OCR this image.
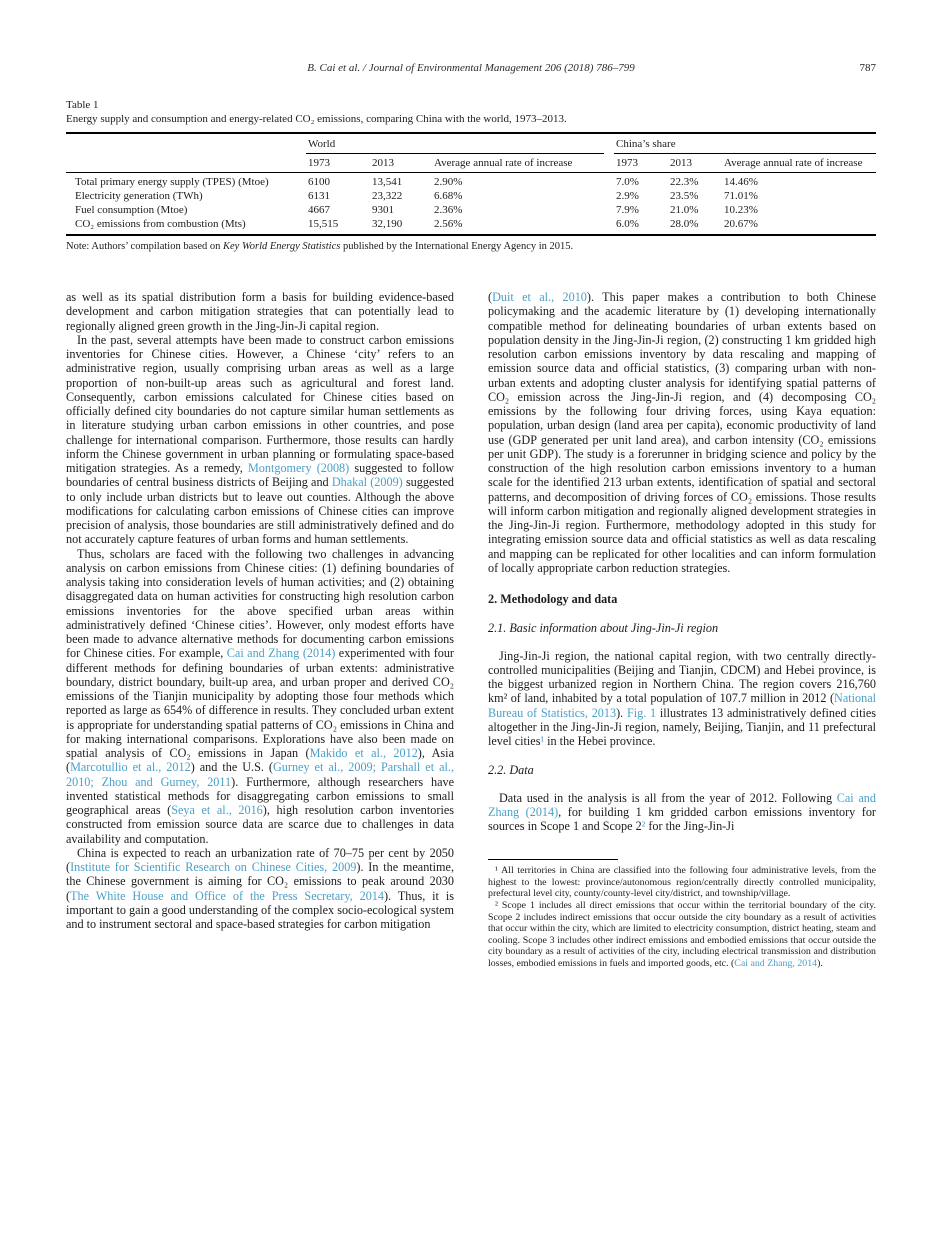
B. Cai et al. / Journal of Environmental Management 206 (2018) 786–799	787
Table 1
Energy supply and consumption and energy-related CO₂ emissions, comparing China with the world, 1973–2013.
	World				China’s share		
	1973	2013	Average annual rate of increase		1973	2013	Average annual rate of increase
Total primary energy supply (TPES) (Mtoe)	6100	13,541	2.90%		7.0%	22.3%	14.46%
Electricity generation (TWh)	6131	23,322	6.68%		2.9%	23.5%	71.01%
Fuel consumption (Mtoe)	4667	9301	2.36%		7.9%	21.0%	10.23%
CO₂ emissions from combustion (Mts)	15,515	32,190	2.56%		6.0%	28.0%	20.67%
Note: Authors’ compilation based on Key World Energy Statistics published by the International Energy Agency in 2015.

as well as its spatial distribution form a basis for building evidence-based development and carbon mitigation strategies that can potentially lead to regionally aligned green growth in the Jing-Jin-Ji capital region.

In the past, several attempts have been made to construct carbon emissions inventories for Chinese cities. However, a Chinese ‘city’ refers to an administrative region, usually comprising urban areas as well as a large proportion of non-built-up areas such as agricultural and forest land. Consequently, carbon emissions calculated for Chinese cities based on officially defined city boundaries do not capture similar human settlements as in literature studying urban carbon emissions in other countries, and pose challenge for international comparison. Furthermore, those results can hardly inform the Chinese government in urban planning or formulating space-based mitigation strategies. As a remedy, Montgomery (2008) suggested to follow boundaries of central business districts of Beijing and Dhakal (2009) suggested to only include urban districts but to leave out counties. Although the above modifications for calculating carbon emissions of Chinese cities can improve precision of analysis, those boundaries are still administratively defined and do not accurately capture features of urban forms and human settlements.

Thus, scholars are faced with the following two challenges in advancing analysis on carbon emissions from Chinese cities: (1) defining boundaries of analysis taking into consideration levels of human activities; and (2) obtaining disaggregated data on human activities for constructing high resolution carbon emissions inventories for the above specified urban areas within administratively defined ‘Chinese cities’. However, only modest efforts have been made to advance alternative methods for documenting carbon emissions for Chinese cities. For example, Cai and Zhang (2014) experimented with four different methods for defining boundaries of urban extents: administrative boundary, district boundary, built-up area, and urban proper and derived CO₂ emissions of the Tianjin municipality by adopting those four methods which reported as large as 654% of difference in results. They concluded urban extent is appropriate for understanding spatial patterns of CO₂ emissions in China and for making international comparisons. Explorations have also been made on spatial analysis of CO₂ emissions in Japan (Makido et al., 2012), Asia (Marcotullio et al., 2012) and the U.S. (Gurney et al., 2009; Parshall et al., 2010; Zhou and Gurney, 2011). Furthermore, although researchers have invented statistical methods for disaggregating carbon emissions to small geographical areas (Seya et al., 2016), high resolution carbon inventories constructed from emission source data are scarce due to challenges in data availability and computation.

China is expected to reach an urbanization rate of 70–75 per cent by 2050 (Institute for Scientific Research on Chinese Cities, 2009). In the meantime, the Chinese government is aiming for CO₂ emissions to peak around 2030 (The White House and Office of the Press Secretary, 2014). Thus, it is important to gain a good understanding of the complex socio-ecological system and to instrument sectoral and space-based strategies for carbon mitigation

(Duit et al., 2010). This paper makes a contribution to both Chinese policymaking and the academic literature by (1) developing internationally compatible method for delineating boundaries of urban extents based on population density in the Jing-Jin-Ji region, (2) constructing 1 km gridded high resolution carbon emissions inventory by data rescaling and mapping of emission source data and official statistics, (3) comparing urban with non-urban extents and adopting cluster analysis for identifying spatial patterns of CO₂ emission across the Jing-Jin-Ji region, and (4) decomposing CO₂ emissions by the following four driving forces, using Kaya equation: population, urban design (land area per capita), economic productivity of land use (GDP generated per unit land area), and carbon intensity (CO₂ emissions per unit GDP). The study is a forerunner in bridging science and policy by the construction of the high resolution carbon emissions inventory to a human scale for the identified 213 urban extents, identification of spatial and sectoral patterns, and decomposition of driving forces of CO₂ emissions. Those results will inform carbon mitigation and regionally aligned development strategies in the Jing-Jin-Ji region. Furthermore, methodology adopted in this study for integrating emission source data and official statistics as well as data rescaling and mapping can be replicated for other localities and can inform formulation of locally appropriate carbon reduction strategies.

2. Methodology and data
2.1. Basic information about Jing-Jin-Ji region

Jing-Jin-Ji region, the national capital region, with two centrally directly-controlled municipalities (Beijing and Tianjin, CDCM) and Hebei province, is the biggest urbanized region in Northern China. The region covers 216,760 km² of land, inhabited by a total population of 107.7 million in 2012 (National Bureau of Statistics, 2013). Fig. 1 illustrates 13 administratively defined cities altogether in the Jing-Jin-Ji region, namely, Beijing, Tianjin, and 11 prefectural level cities¹ in the Hebei province.

2.2. Data

Data used in the analysis is all from the year of 2012. Following Cai and Zhang (2014), for building 1 km gridded carbon emissions inventory for sources in Scope 1 and Scope 2² for the Jing-Jin-Ji

¹ All territories in China are classified into the following four administrative levels, from the highest to the lowest: province/autonomous region/centrally directly controlled municipality, prefectural level city, county/county-level city/district, and township/village.

² Scope 1 includes all direct emissions that occur within the territorial boundary of the city. Scope 2 includes indirect emissions that occur outside the city boundary as a result of activities that occur within the city, which are limited to electricity consumption, district heating, steam and cooling. Scope 3 includes other indirect emissions and embodied emissions that occur outside the city boundary as a result of activities of the city, including electrical transmission and distribution losses, embodied emissions in fuels and imported goods, etc. (Cai and Zhang, 2014).
